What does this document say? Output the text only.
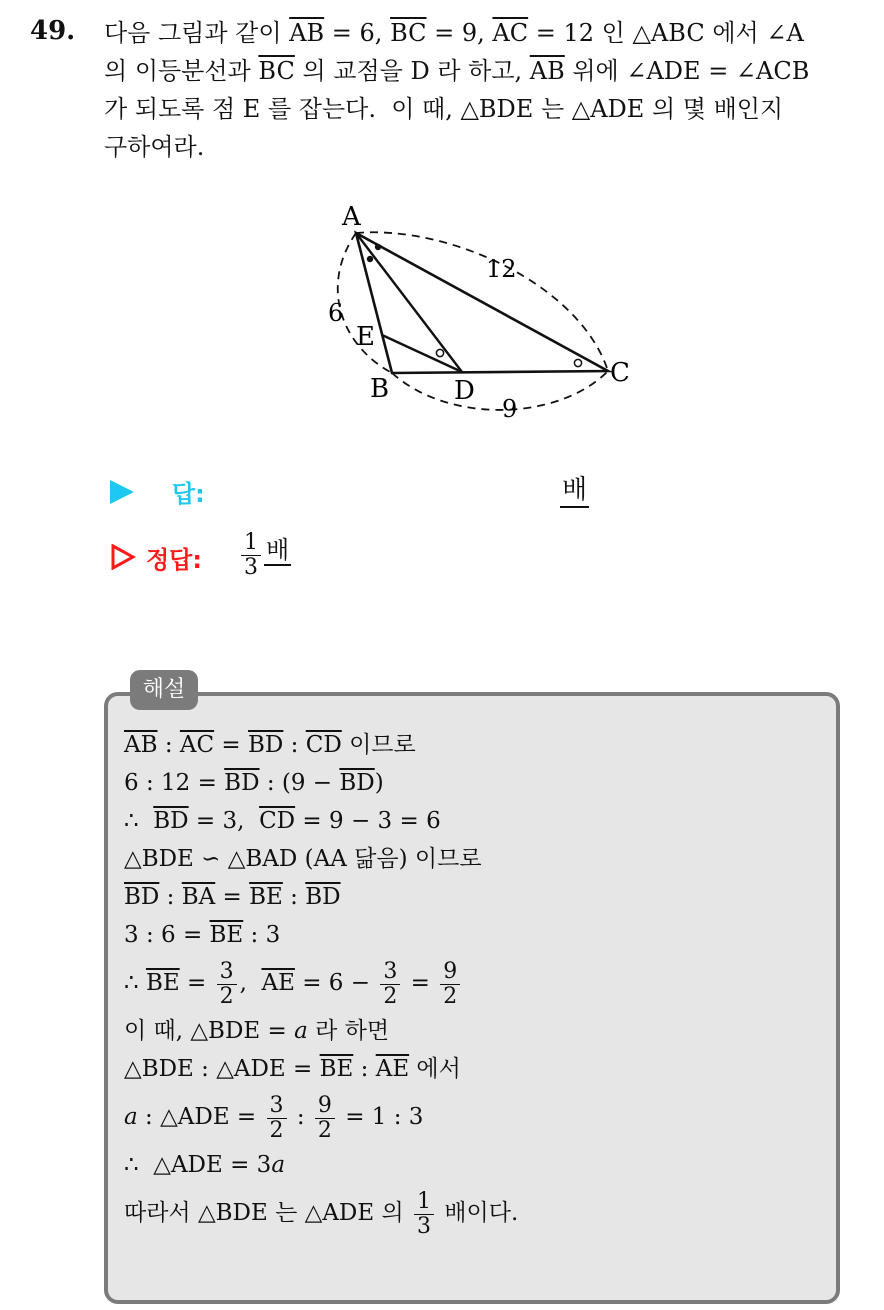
49. 다음 그림과 같이 $\overline{AB} = 6$, $\overline{BC} = 9$, $\overline{AC} = 12$ 인 △ABC 에서 ∠A
의 이등분선과 $\overline{BC}$ 의 교점을 D 라 하고, $\overline{AB}$ 위에 ∠ADE = ∠ACB
가 되도록 점 E 를 잡는다.  이 때, △BDE 는 △ADE 의 몇 배인지
구하여라.
A
B
C
D
E
6
12
9
답:	배
정답: $\frac{1}{3}$ 배
해설
$\overline{AB}$ : $\overline{AC} = \overline{BD}$ : $\overline{CD}$ 이므로
6 : $12 = \overline{BD}$ : $(9 - \overline{BD})$
∴  $\overline{BD} = 3$,  $\overline{CD} = 9 - 3 = 6$
△BDE ∽ △BAD (AA 닮음) 이므로
$\overline{BD}$ : $\overline{BA} = \overline{BE}$ : $\overline{BD}$
3 : $6 = \overline{BE}$ : 3
∴ $\overline{BE} = \frac{3}{2}$ ,  $\overline{AE} = 6 - \frac{3}{2} = \frac{9}{2}$
이 때, △BDE = a 라 하면
△BDE : △ADE = $\overline{BE}$ : $\overline{AE}$ 에서
a : △ADE = $\frac{3}{2}$ : $\frac{9}{2} = 1$ : 3
∴  △ADE = 3a
따라서 △BDE 는 △ADE 의 $\frac{1}{3}$ 배이다.
